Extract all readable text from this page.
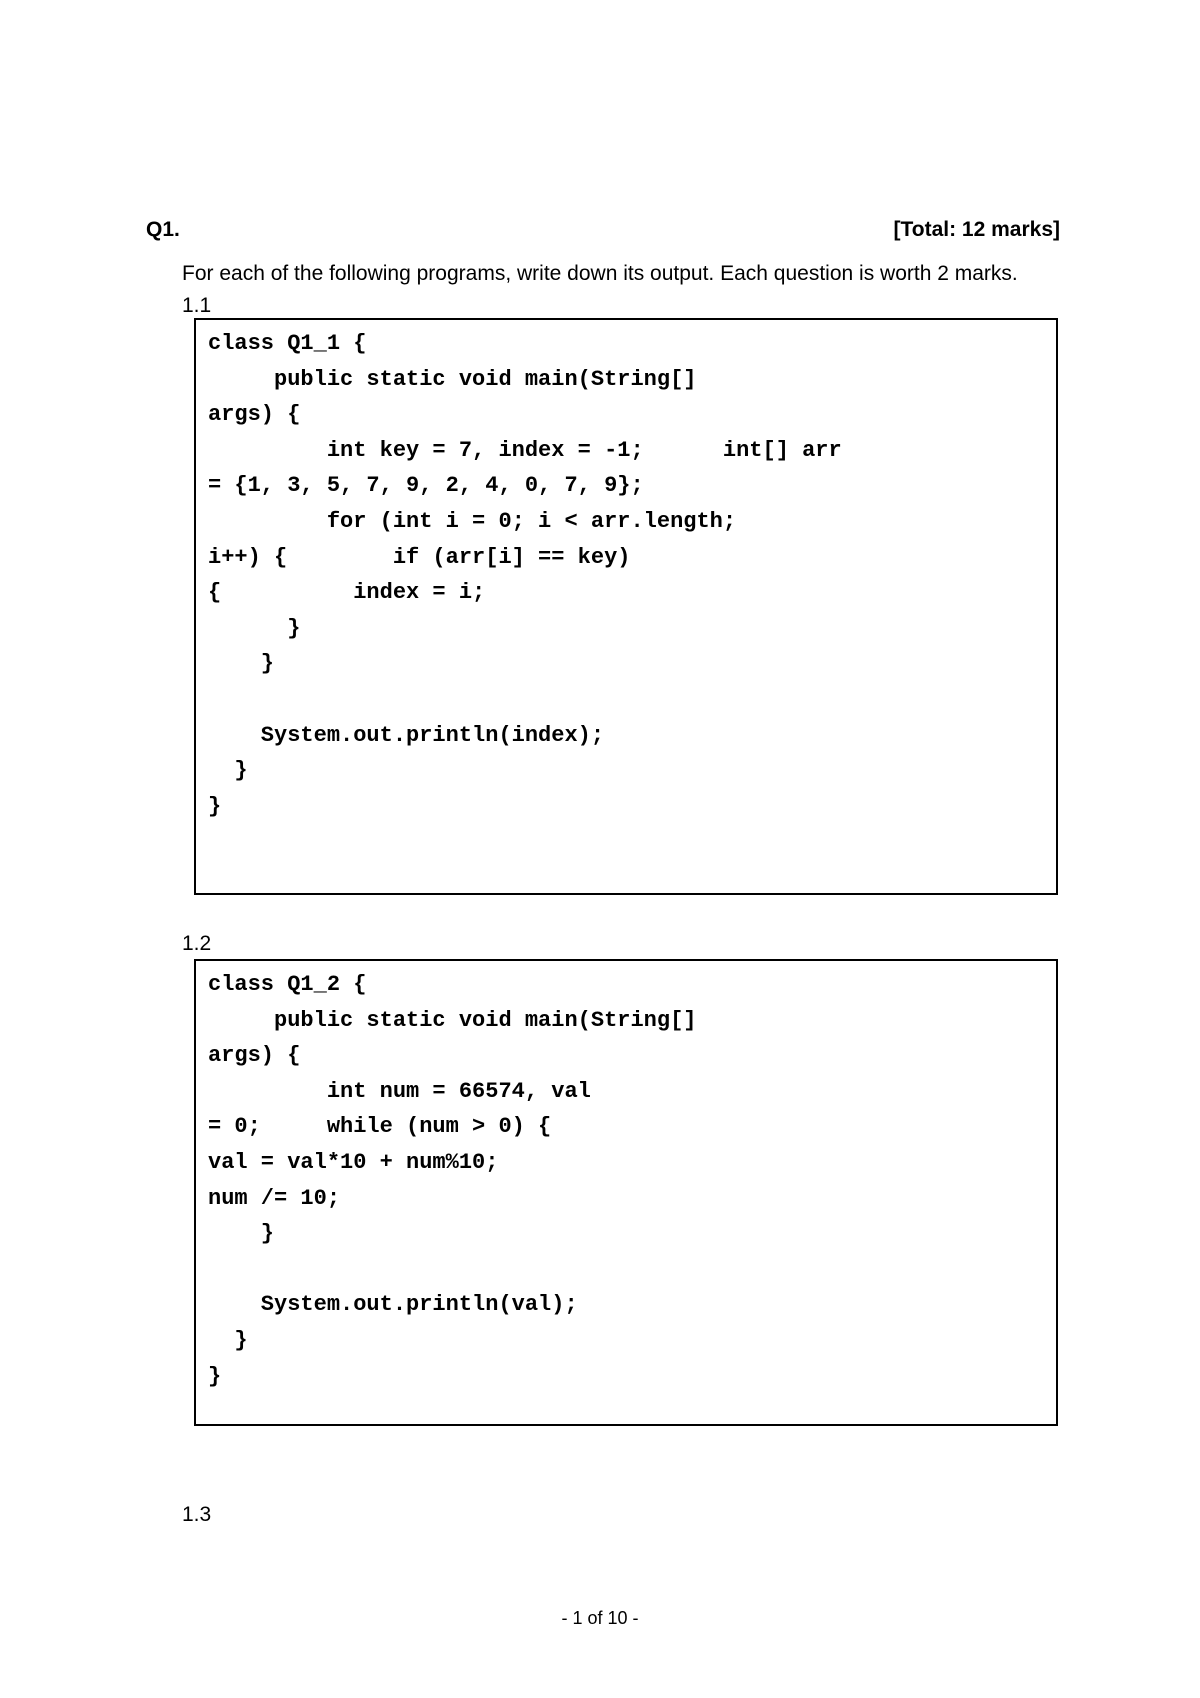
Q1.	[Total: 12 marks]
For each of the following programs, write down its output. Each question is worth 2 marks. 1.1
class Q1_1 {
public static void main(String[]
args) {
int key = 7, index = -1;      int[] arr
= {1, 3, 5, 7, 9, 2, 4, 0, 7, 9};
for (int i = 0; i < arr.length;
i++) {        if (arr[i] == key)
{          index = i;
}
}

System.out.println(index);
}
}
1.2
class Q1_2 {
public static void main(String[]
args) {
int num = 66574, val
= 0;     while (num > 0) {
val = val*10 + num%10;
num /= 10;
}

System.out.println(val);
}
}
1.3
- 1 of 10 -
